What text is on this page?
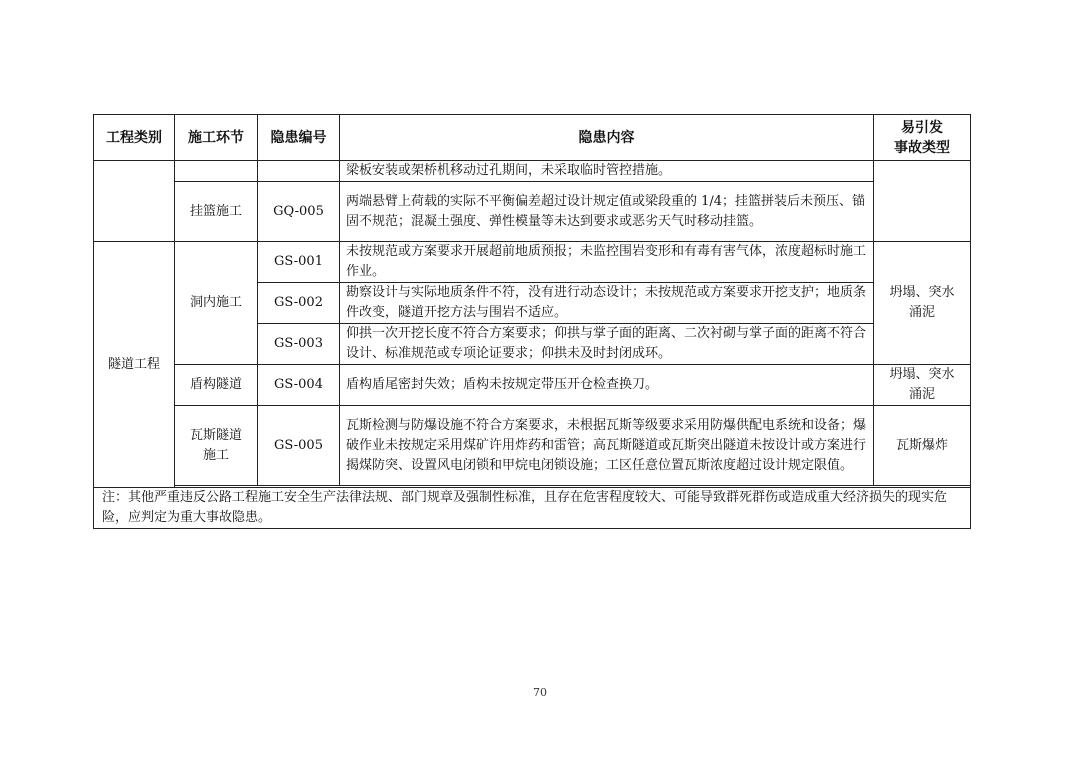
工程类别	施工环节	隐患编号	隐患内容	易引发
事故类型
			梁板安装或架桥机移动过孔期间，未采取临时管控措施。	
	挂篮施工	GQ-005	两端悬臂上荷载的实际不平衡偏差超过设计规定值或梁段重的 1/4；挂篮拼装后未预压、锚固不规范；混凝土强度、弹性模量等未达到要求或恶劣天气时移动挂篮。	
隧道工程	洞内施工	GS-001	未按规范或方案要求开展超前地质预报；未监控围岩变形和有毒有害气体，浓度超标时施工作业。	坍塌、突水涌泥
		GS-002	勘察设计与实际地质条件不符，没有进行动态设计；未按规范或方案要求开挖支护；地质条件改变，隧道开挖方法与围岩不适应。	
		GS-003	仰拱一次开挖长度不符合方案要求；仰拱与掌子面的距离、二次衬砌与掌子面的距离不符合设计、标准规范或专项论证要求；仰拱未及时封闭成环。	
	盾构隧道	GS-004	盾构盾尾密封失效；盾构未按规定带压开仓检查换刀。	坍塌、突水涌泥
	瓦斯隧道施工	GS-005	瓦斯检测与防爆设施不符合方案要求，未根据瓦斯等级要求采用防爆供配电系统和设备；爆破作业未按规定采用煤矿许用炸药和雷管；高瓦斯隧道或瓦斯突出隧道未按设计或方案进行揭煤防突、设置风电闭锁和甲烷电闭锁设施；工区任意位置瓦斯浓度超过设计规定限值。	瓦斯爆炸

注：其他严重违反公路工程施工安全生产法律法规、部门规章及强制性标准，且存在危害程度较大、可能导致群死群伤或造成重大经济损失的现实危险，应判定为重大事故隐患。				
70
